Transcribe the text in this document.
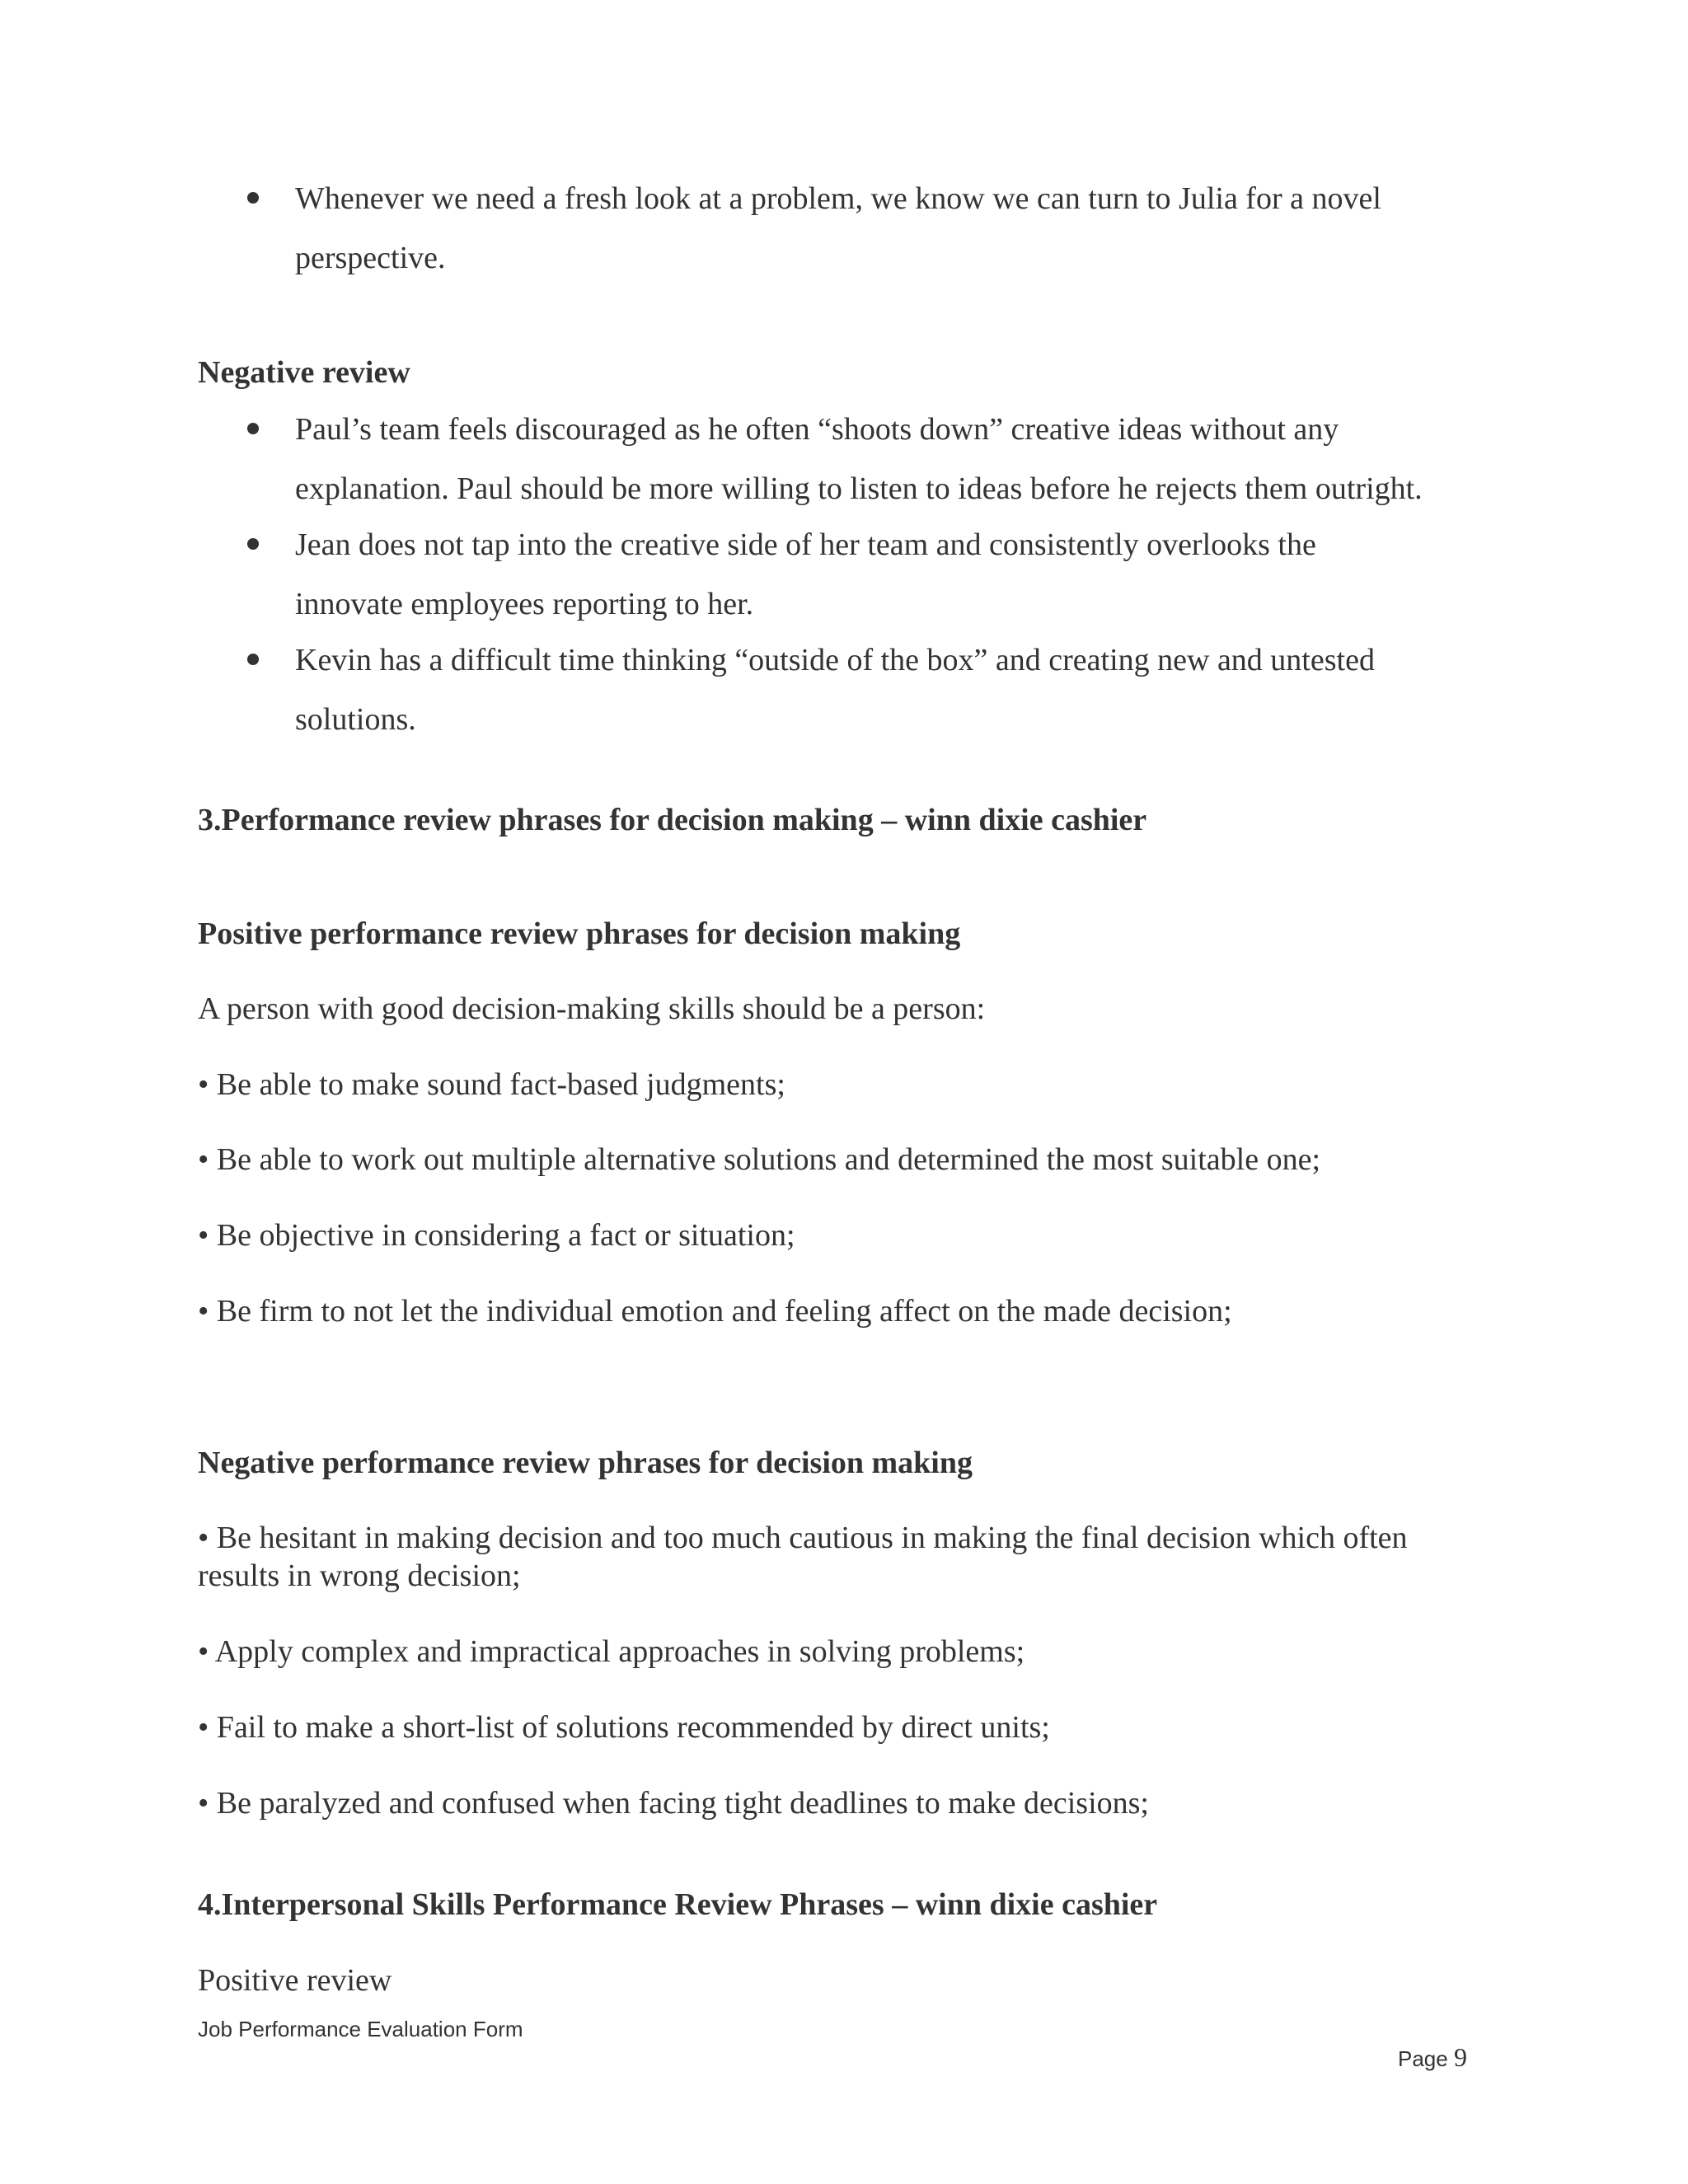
Whenever we need a fresh look at a problem, we know we can turn to Julia for a novel
perspective.
Negative review
Paul’s team feels discouraged as he often “shoots down” creative ideas without any
explanation. Paul should be more willing to listen to ideas before he rejects them outright.
Jean does not tap into the creative side of her team and consistently overlooks the
innovate employees reporting to her.
Kevin has a difficult time thinking “outside of the box” and creating new and untested
solutions.
3.Performance review phrases for decision making – winn dixie cashier
Positive performance review phrases for decision making
A person with good decision-making skills should be a person:
• Be able to make sound fact-based judgments;
• Be able to work out multiple alternative solutions and determined the most suitable one;
• Be objective in considering a fact or situation;
• Be firm to not let the individual emotion and feeling affect on the made decision;
Negative performance review phrases for decision making
• Be hesitant in making decision and too much cautious in making the final decision which often
results in wrong decision;
• Apply complex and impractical approaches in solving problems;
• Fail to make a short-list of solutions recommended by direct units;
• Be paralyzed and confused when facing tight deadlines to make decisions;
4.Interpersonal Skills Performance Review Phrases – winn dixie cashier
Positive review
Job Performance Evaluation Form
Page 9
